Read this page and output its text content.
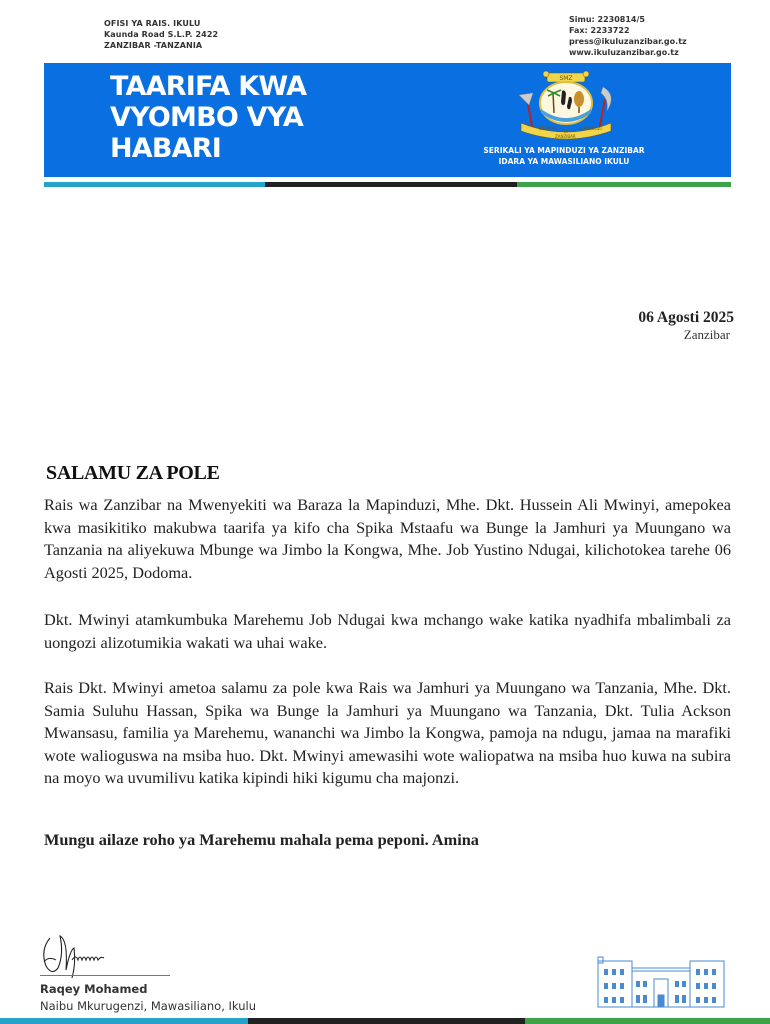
OFISI YA RAIS. IKULU
Kaunda Road S.L.P. 2422
ZANZIBAR -TANZANIA
Simu: 2230814/5
Fax: 2233722
press@ikuluzanzibar.go.tz
www.ikuluzanzibar.go.tz
TAARIFA KWA
VYOMBO VYA
HABARI
SMZ
SERIKALI
YA
MAPINDUZI
ZANZIBAR
SERIKALI YA MAPINDUZI YA ZANZIBAR
IDARA YA MAWASILIANO IKULU
06 Agosti 2025
Zanzibar
SALAMU ZA POLE
Rais wa Zanzibar na Mwenyekiti wa Baraza la Mapinduzi, Mhe. Dkt. Hussein Ali Mwinyi, amepokea kwa masikitiko makubwa taarifa ya kifo cha Spika Mstaafu wa Bunge la Jamhuri ya Muungano wa Tanzania na aliyekuwa Mbunge wa Jimbo la Kongwa, Mhe. Job Yustino Ndugai, kilichotokea tarehe 06 Agosti 2025, Dodoma.
Dkt. Mwinyi atamkumbuka Marehemu Job Ndugai kwa mchango wake katika nyadhifa mbalimbali za uongozi alizotumikia wakati wa uhai wake.
Rais Dkt. Mwinyi ametoa salamu za pole kwa Rais wa Jamhuri ya Muungano wa Tanzania, Mhe. Dkt. Samia Suluhu Hassan, Spika wa Bunge la Jamhuri ya Muungano wa Tanzania, Dkt. Tulia Ackson Mwansasu, familia ya Marehemu, wananchi wa Jimbo la Kongwa, pamoja na ndugu, jamaa na marafiki wote walioguswa na msiba huo. Dkt. Mwinyi amewasihi wote waliopatwa na msiba huo kuwa na subira na moyo wa uvumilivu katika kipindi hiki kigumu cha majonzi.
Mungu ailaze roho ya Marehemu mahala pema peponi. Amina
Raqey Mohamed
Naibu Mkurugenzi, Mawasiliano, Ikulu
